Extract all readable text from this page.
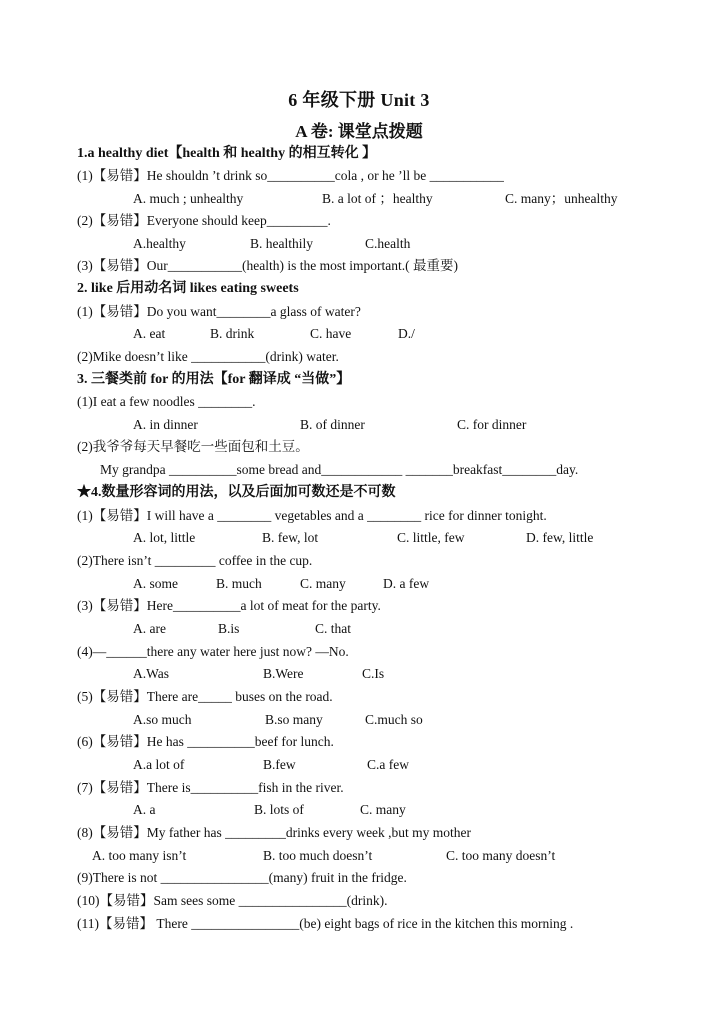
6 年级下册 Unit 3
A 卷: 课堂点拨题
1.a healthy diet【health 和 healthy 的相互转化 】
(1)【易错】He shouldn ’t drink so__________cola , or he ’ll be ___________
A. much ; unhealthy	B. a lot of ；healthy	C. many；unhealthy
(2)【易错】Everyone should keep_________.
A.healthy	B. healthily	C.health
(3)【易错】Our___________(health) is the most important.( 最重要)
2. like 后用动名词 likes eating sweets
(1)【易错】Do you want________a glass of water?
A. eat	B. drink	C. have	D./
(2)Mike doesn’t like ___________(drink) water.
3. 三餐类前 for 的用法【for 翻译成 “当做”】
(1)I eat a few noodles ________.
A. in dinner	B. of dinner	C. for dinner
(2)我爷爷每天早餐吃一些面包和土豆。
My grandpa __________some bread and____________ _______breakfast________day.
★4.数量形容词的用法，以及后面加可数还是不可数
(1)【易错】I will have a ________ vegetables and a ________ rice for dinner tonight.
A. lot, little	B. few, lot	C. little, few	D. few, little
(2)There isn’t _________ coffee in the cup.
A. some	B. much	C. many	D. a few
(3)【易错】Here__________a lot of meat for the party.
A. are	B.is	C. that
(4)—______there any water here just now? —No.
A.Was	B.Were	C.Is
(5)【易错】There are_____ buses on the road.
A.so much	B.so many	C.much so
(6)【易错】He has __________beef for lunch.
A.a lot of	B.few	C.a few
(7)【易错】There is__________fish in the river.
A. a	B. lots of	C. many
(8)【易错】My father has _________drinks every week ,but my mother
A. too many isn’t	B. too much doesn’t	C. too many doesn’t
(9)There is not ________________(many) fruit in the fridge.
(10)【易错】Sam sees some ________________(drink).
(11)【易错】 There ________________(be) eight bags of rice in the kitchen this morning .
